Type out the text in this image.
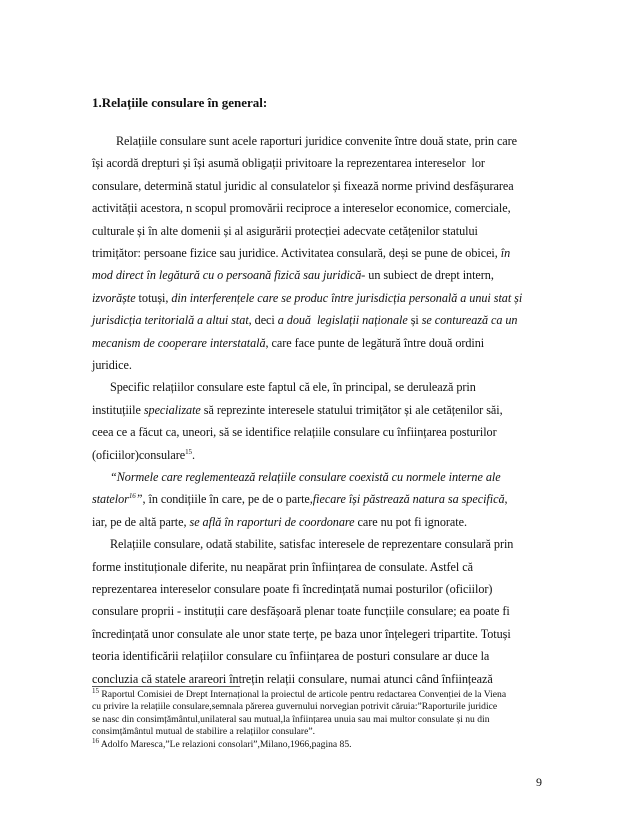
1.Relațiile consulare în general:
Relațiile consulare sunt acele raporturi juridice convenite între două state, prin care
își acordă drepturi și își asumă obligații privitoare la reprezentarea intereselor  lor
consulare, determină statul juridic al consulatelor și fixează norme privind desfășurarea
activității acestora, n scopul promovării reciproce a intereselor economice, comerciale,
culturale și în alte domenii și al asigurării protecției adecvate cetățenilor statului
trimițător: persoane fizice sau juridice. Activitatea consulară, deși se pune de obicei, în
mod direct în legătură cu o persoană fizică sau juridică- un subiect de drept intern,
izvorăște totuși, din interferențele care se produc între jurisdicția personală a unui stat și
jurisdicția teritorială a altui stat, deci a două  legislații naționale și se conturează ca un
mecanism de cooperare interstatală, care face punte de legătură între două ordini
juridice.
Specific relațiilor consulare este faptul că ele, în principal, se derulează prin
instituțiile specializate să reprezinte interesele statului trimițător și ale cetățenilor săi,
ceea ce a făcut ca, uneori, să se identifice relațiile consulare cu înființarea posturilor
(oficiilor)consulare$^{15}$.
“Normele care reglementează relațiile consulare coexistă cu normele interne ale
statelor$^{16}$”, în condițiile în care, pe de o parte,fiecare își păstrează natura sa specifică,
iar, pe de altă parte, se află în raporturi de coordonare care nu pot fi ignorate.
Relațiile consulare, odată stabilite, satisfac interesele de reprezentare consulară prin
forme instituționale diferite, nu neapărat prin înființarea de consulate. Astfel că
reprezentarea intereselor consulare poate fi încredințată numai posturilor (oficiilor)
consulare proprii - instituții care desfășoară plenar toate funcțiile consulare; ea poate fi
încredințată unor consulate ale unor state terțe, pe baza unor înțelegeri tripartite. Totuși
teoria identificării relațiilor consulare cu înființarea de posturi consulare ar duce la
concluzia că statele arareori întrețin relații consulare, numai atunci când înființează
$^{15}$ Raportul Comisiei de Drept Internațional la proiectul de articole pentru redactarea Convenției de la Viena
cu privire la relațiile consulare,semnala părerea guvernului norvegian potrivit căruia:”Raporturile juridice
se nasc din consimțământul,unilateral sau mutual,la înființarea unuia sau mai multor consulate și nu din
consimțământul mutual de stabilire a relațiilor consulare”.
$^{16}$ Adolfo Maresca,”Le relazioni consolari”,Milano,1966,pagina 85.
9
